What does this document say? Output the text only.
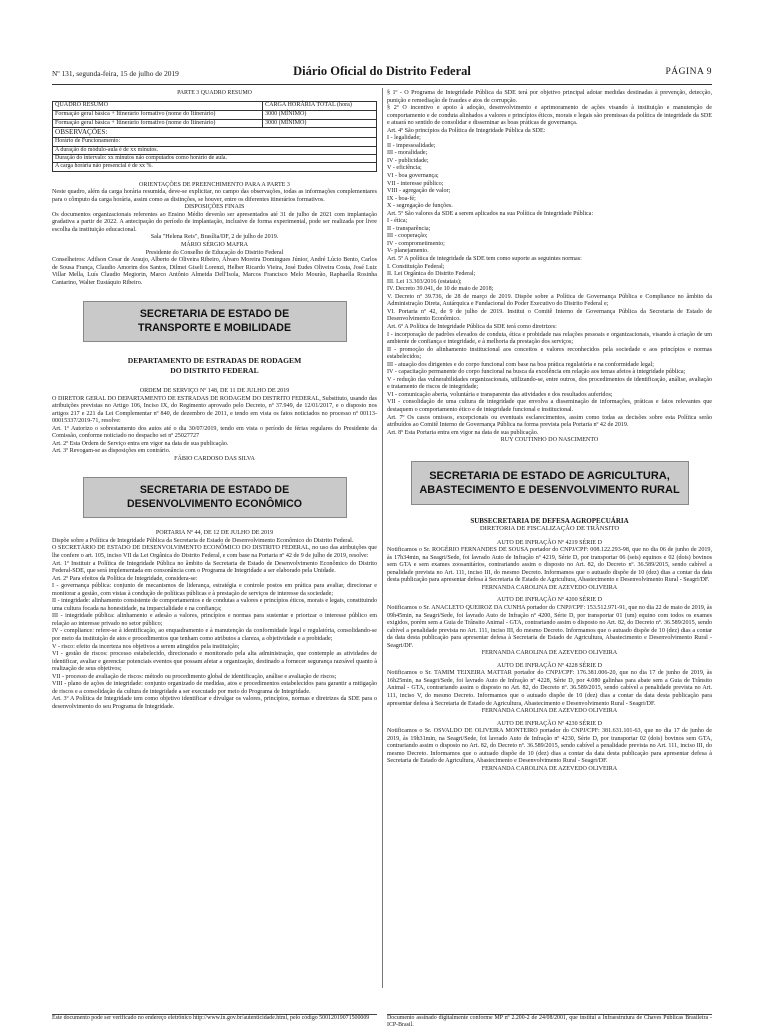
Nº 131, segunda-feira, 15 de julho de 2019	Diário Oficial do Distrito Federal	PÁGINA 9

PARTE 3 QUADRO RESUMO

QUADRO RESUMO	CARGA HORÁRIA TOTAL (hora)
Formação geral básica + Itinerário formativo (nome do Itinerário)	3000 (MÍNIMO)
Formação geral básica + Itinerário formativo (nome do Itinerário)	3000 (MÍNIMO)
OBSERVAÇÕES:	
Horário de Funcionamento:	
A duração do módulo-aula é de xx minutos.	
Duração do intervalo: xx minutos não computados como horário de aula.	
A carga horária não presencial é de xx %.	

ORIENTAÇÕES DE PREENCHIMENTO PARA A PARTE 3

Neste quadro, além da carga horária resumida, deve-se explicitar, no campo das observações, todas as informações complementares para o cômputo da carga horária, assim como as distinções, se houver, entre os diferentes itinerários formativos.

DISPOSIÇÕES FINAIS

Os documentos organizacionais referentes ao Ensino Médio deverão ser apresentados até 31 de julho de 2021 com implantação gradativa a partir de 2022. A antecipação do período de implantação, inclusive de forma experimental, pode ser realizada por livre escolha da instituição educacional.

Sala "Helena Reis", Brasília/DF, 2 de julho de 2019.

MÁRIO SÉRGIO MAFRA

Presidente do Conselho de Educação do Distrito Federal

Conselheiros: Adilson Cesar de Araujo, Alberto de Oliveira Ribeiro, Álvaro Moreira Domingues Júnior, André Lúcio Bento, Carlos de Sousa França, Claudio Amorim dos Santos, Dilmei Giseli Lorenzi, Helber Ricardo Vieira, José Eudes Oliveira Costa, José Luiz Villar Mella, Luís Claudio Megiorin, Marco Antônio Almeida Dell'Isola, Marcos Francisco Melo Mourão, Raphaella Rosinha Cantarino, Walter Eustáquio Ribeiro.

SECRETARIA DE ESTADO DE
TRANSPORTE E MOBILIDADE
DEPARTAMENTO DE ESTRADAS DE RODAGEM
DO DISTRITO FEDERAL

ORDEM DE SERVIÇO Nº 148, DE 11 DE JULHO DE 2019

O DIRETOR GERAL DO DEPARTAMENTO DE ESTRADAS DE RODAGEM DO DISTRITO FEDERAL, Substituto, usando das atribuições previstas no Artigo 106, Inciso IX, do Regimento aprovado pelo Decreto, nº 37.949, de 12/01/2017, e o disposto nos artigos 217 e 221 da Lei Complementar nº 840, de dezembro de 2011, e tendo em vista os fatos noticiados no processo nº 00113-00015337/2019-71, resolve:

Art. 1º Autorizo o sobrestamento dos autos até o dia 30/07/2019, tendo em vista o período de férias regulares do Presidente da Comissão, conforme noticiado no despacho sei nº 25027727

Art. 2º Esta Ordem de Serviço entra em vigor na data de sua publicação.

Art. 3º Revogam-se as disposições em contrário.

FÁBIO CARDOSO DAS SILVA

SECRETARIA DE ESTADO DE
DESENVOLVIMENTO ECONÔMICO

PORTARIA Nº 44, DE 12 DE JULHO DE 2019

Dispõe sobre a Política de Integridade Pública da Secretaria de Estado de Desenvolvimento Econômico do Distrito Federal.

O SECRETÁRIO DE ESTADO DE DESENVOLVIMENTO ECONÔMICO DO DISTRITO FEDERAL, no uso das atribuições que lhe confere o art. 105, inciso VII da Lei Orgânica do Distrito Federal, e com base na Portaria nº 42 de 9 de julho de 2019, resolve:

Art. 1º Instituir a Política de Integridade Pública no âmbito da Secretaria de Estado de Desenvolvimento Econômico do Distrito Federal-SDE, que será implementada em consonância com o Programa de Integridade a ser elaborado pela Unidade.

Art. 2º Para efeitos da Política de Integridade, considera-se:

I - governança pública: conjunto de mecanismos de liderança, estratégia e controle postos em prática para avaliar, direcionar e monitorar a gestão, com vistas à condução de políticas públicas e à prestação de serviços de interesse da sociedade;

II - integridade: alinhamento consistente de comportamentos e de condutas a valores e princípios éticos, morais e legais, constituindo uma cultura focada na honestidade, na imparcialidade e na confiança;

III - integridade pública: alinhamento e adesão a valores, princípios e normas para sustentar e priorizar o interesse público em relação ao interesse privado no setor público;

IV - compliance: refere-se à identificação, ao enquadramento e à manutenção da conformidade legal e regulatória, consolidando-se por meio da instituição de atos e procedimentos que tenham como atributos a clareza, a objetividade e a probidade;

V - risco: efeito da incerteza nos objetivos a serem atingidos pela instituição;

VI - gestão de riscos: processo estabelecido, direcionado e monitorado pela alta administração, que contemple as atividades de identificar, avaliar e gerenciar potenciais eventos que possam afetar a organização, destinado a fornecer segurança razoável quanto à realização de seus objetivos;

VII - processo de avaliação de riscos: método ou procedimento global de identificação, análise e avaliação de riscos;

VIII - plano de ações de integridade: conjunto organizado de medidas, atos e procedimentos estabelecidos para garantir a mitigação de riscos e a consolidação da cultura de integridade a ser executado por meio do Programa de Integridade.

Art. 3º A Política de Integridade tem como objetivo identificar e divulgar os valores, princípios, normas e diretrizes da SDE para o desenvolvimento do seu Programa de Integridade.

Este documento pode ser verificado no endereço eletrônico http://www.in.gov.br/autenticidade.html, pelo código 50012019071500009

§ 1º - O Programa de Integridade Pública da SDE terá por objetivo principal adotar medidas destinadas à prevenção, detecção, punição e remediação de fraudes e atos de corrupção.

§ 2º O incentivo e apoio à adoção, desenvolvimento e aprimoramento de ações visando à instituição e manutenção de comportamento e de conduta alinhados a valores e princípios éticos, morais e legais são premissas da política de integridade da SDE e atuará no sentido de consolidar e disseminar as boas práticas de governança.

Art. 4º São princípios da Política de Integridade Pública da SDE:

I - legalidade;

II - impessoalidade;

III - moralidade;

IV - publicidade;

V - eficiência;

VI - boa governança;

VII - interesse público;

VIII - agregação de valor;

IX - boa-fé;

X - segregação de funções.

Art. 5º São valores da SDE a serem aplicados na sua Política de Integridade Pública:

I - ética;

II - transparência;

III - cooperação;

IV - comprometimento;

V- planejamento.

Art. 5º A política de integridade da SDE tem como suporte as seguintes normas:

I. Constituição Federal;

II. Lei Orgânica do Distrito Federal;

III. Lei 13.303/2016 (estatais);

IV. Decreto 39.041, de 10 de maio de 2018;

V. Decreto nº 39.736, de 28 de março de 2019. Dispõe sobre a Política de Governança Pública e Compliance no âmbito da Administração Direta, Autárquica e Fundacional do Poder Executivo do Distrito Federal e;

VI. Portaria nº 42, de 9 de julho de 2019. Institui o Comitê Interno de Governança Pública da Secretaria de Estado de Desenvolvimento Econômico.

Art. 6º A Política de Integridade Pública da SDE terá como diretrizes:

I - incorporação de padrões elevados de conduta, ética e probidade nas relações pessoais e organizacionais, visando à criação de um ambiente de confiança e integridade, e à melhoria da prestação dos serviços;

II - promoção do alinhamento institucional aos conceitos e valores reconhecidos pela sociedade e aos princípios e normas estabelecidos;

III - atuação dos dirigentes e do corpo funcional com base na boa prática regulatória e na conformidade legal;

IV - capacitação permanente do corpo funcional na busca da excelência em relação aos temas afetos à integridade pública;

V - redução das vulnerabilidades organizacionais, utilizando-se, entre outros, dos procedimentos de identificação, análise, avaliação e tratamento de riscos de integridade;

VI - comunicação aberta, voluntária e transparente das atividades e dos resultados auferidos;

VII - consolidação de uma cultura de integridade que envolva a disseminação de informações, práticas e fatos relevantes que destaquem o comportamento ético e de integridade funcional e institucional.

Art. 7º Os casos omissos, excepcionais ou eventuais esclarecimentos, assim como todas as decisões sobre esta Política serão atribuídos ao Comitê Interno de Governança Pública na forma prevista pela Portaria nº 42 de 2019.

Art. 8º Esta Portaria entra em vigor na data de sua publicação.

RUY COUTINHO DO NASCIMENTO

SECRETARIA DE ESTADO DE AGRICULTURA,
ABASTECIMENTO E DESENVOLVIMENTO RURAL

SUBSECRETARIA DE DEFESA AGROPECUÁRIA

DIRETORIA DE FISCALIZAÇÃO DE TRÂNSITO

AUTO DE INFRAÇÃO Nº 4219 SÉRIE D

Notificamos o Sr. ROGÉRIO FERNANDES DE SOUSA portador do CNPJ/CPF: 008.122.293-98, que no dia 06 de junho de 2019, às 17h34min, na Seagri/Sede, foi lavrado Auto de Infração nº 4219, Série D, por transportar 06 (seis) equinos e 02 (dois) bovinos sem GTA e sem exames zoosanitários, contrariando assim o disposto no Art. 82, do Decreto nº. 36.589/2015, sendo cabível a penalidade prevista no Art. 111, inciso III, do mesmo Decreto. Informamos que o autuado dispõe de 10 (dez) dias a contar da data desta publicação para apresentar defesa à Secretaria de Estado de Agricultura, Abastecimento e Desenvolvimento Rural - Seagri/DF.

FERNANDA CAROLINA DE AZEVEDO OLIVEIRA

AUTO DE INFRAÇÃO Nº 4200 SÉRIE D

Notificamos o Sr. ANACLETO QUEIROZ DA CUNHA portador do CNPJ/CPF: 153.512.971-91, que no dia 22 de maio de 2019, às 09h45min, na Seagri/Sede, foi lavrado Auto de Infração nº 4200, Série D, por transportar 01 (um) equino com todos os exames exigidos, porém sem a Guia de Trânsito Animal - GTA, contrariando assim o disposto no Art. 82, do Decreto nº. 36.589/2015, sendo cabível a penalidade prevista no Art. 111, inciso III, do mesmo Decreto. Informamos que o autuado dispõe de 10 (dez) dias a contar da data desta publicação para apresentar defesa à Secretaria de Estado de Agricultura, Abastecimento e Desenvolvimento Rural - Seagri/DF.

FERNANDA CAROLINA DE AZEVEDO OLIVEIRA

AUTO DE INFRAÇÃO Nº 4228 SÉRIE D

Notificamos o Sr. TAMIM TEIXEIRA MATTAR portador do CNPJ/CPF: 176.381.006-20, que no dia 17 de junho de 2019, às 16h25min, na Seagri/Sede, foi lavrado Auto de Infração nº 4228, Série D, por 4.080 galinhas para abate sem a Guia de Trânsito Animal - GTA, contrariando assim o disposto no Art. 82, do Decreto nº. 36.589/2015, sendo cabível a penalidade prevista no Art. 111, inciso V, do mesmo Decreto. Informamos que o autuado dispõe de 10 (dez) dias a contar da data desta publicação para apresentar defesa à Secretaria de Estado de Agricultura, Abastecimento e Desenvolvimento Rural - Seagri/DF.

FERNANDA CAROLINA DE AZEVEDO OLIVEIRA

AUTO DE INFRAÇÃO Nº 4230 SÉRIE D

Notificamos o Sr. OSVALDO DE OLIVEIRA MONTEIRO portador do CNPJ/CPF: 381.631.101-63, que no dia 17 de junho de 2019, às 19h31min, na Seagri/Sede, foi lavrado Auto de Infração nº 4230, Série D, por transportar 02 (dois) bovinos sem GTA, contrariando assim o disposto no Art. 82, do Decreto nº. 36.589/2015, sendo cabível a penalidade prevista no Art. 111, inciso III, do mesmo Decreto. Informamos que o autuado dispõe de 10 (dez) dias a contar da data desta publicação para apresentar defesa à Secretaria de Estado de Agricultura, Abastecimento e Desenvolvimento Rural - Seagri/DF.

FERNANDA CAROLINA DE AZEVEDO OLIVEIRA

Documento assinado digitalmente conforme MP nº 2.200-2 de 24/08/2001, que institui a Infraestrutura de Chaves Públicas Brasileira - ICP-Brasil.
